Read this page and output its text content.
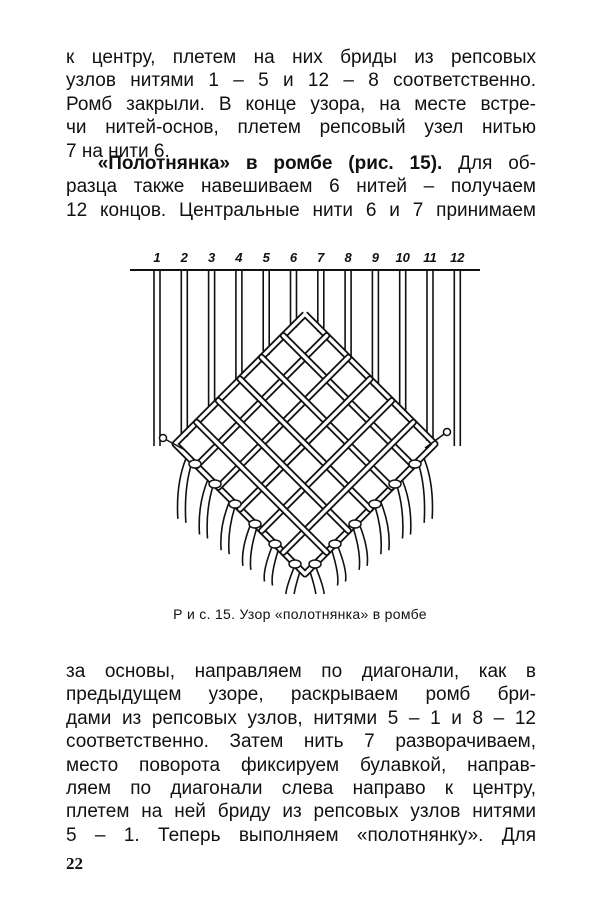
к центру, плетем на них бриды из репсовых
узлов нитями 1 – 5 и 12 – 8 соответственно.
Ромб закрыли. В конце узора, на месте встре-
чи нитей-основ, плетем репсовый узел нитью
7 на нити 6.
«Полотнянка» в ромбе (рис. 15). Для об-
разца также навешиваем 6 нитей – получаем
12 концов. Центральные нити 6 и 7 принимаем
1 2 3 4 5 6 7 8 9 10 11 12
Р и с. 15. Узор «полотнянка» в ромбе
за основы, направляем по диагонали, как в
предыдущем узоре, раскрываем ромб бри-
дами из репсовых узлов, нитями 5 – 1 и 8 – 12
соответственно. Затем нить 7 разворачиваем,
место поворота фиксируем булавкой, направ-
ляем по диагонали слева направо к центру,
плетем на ней бриду из репсовых узлов нитями
5 – 1. Теперь выполняем «полотнянку». Для
22
